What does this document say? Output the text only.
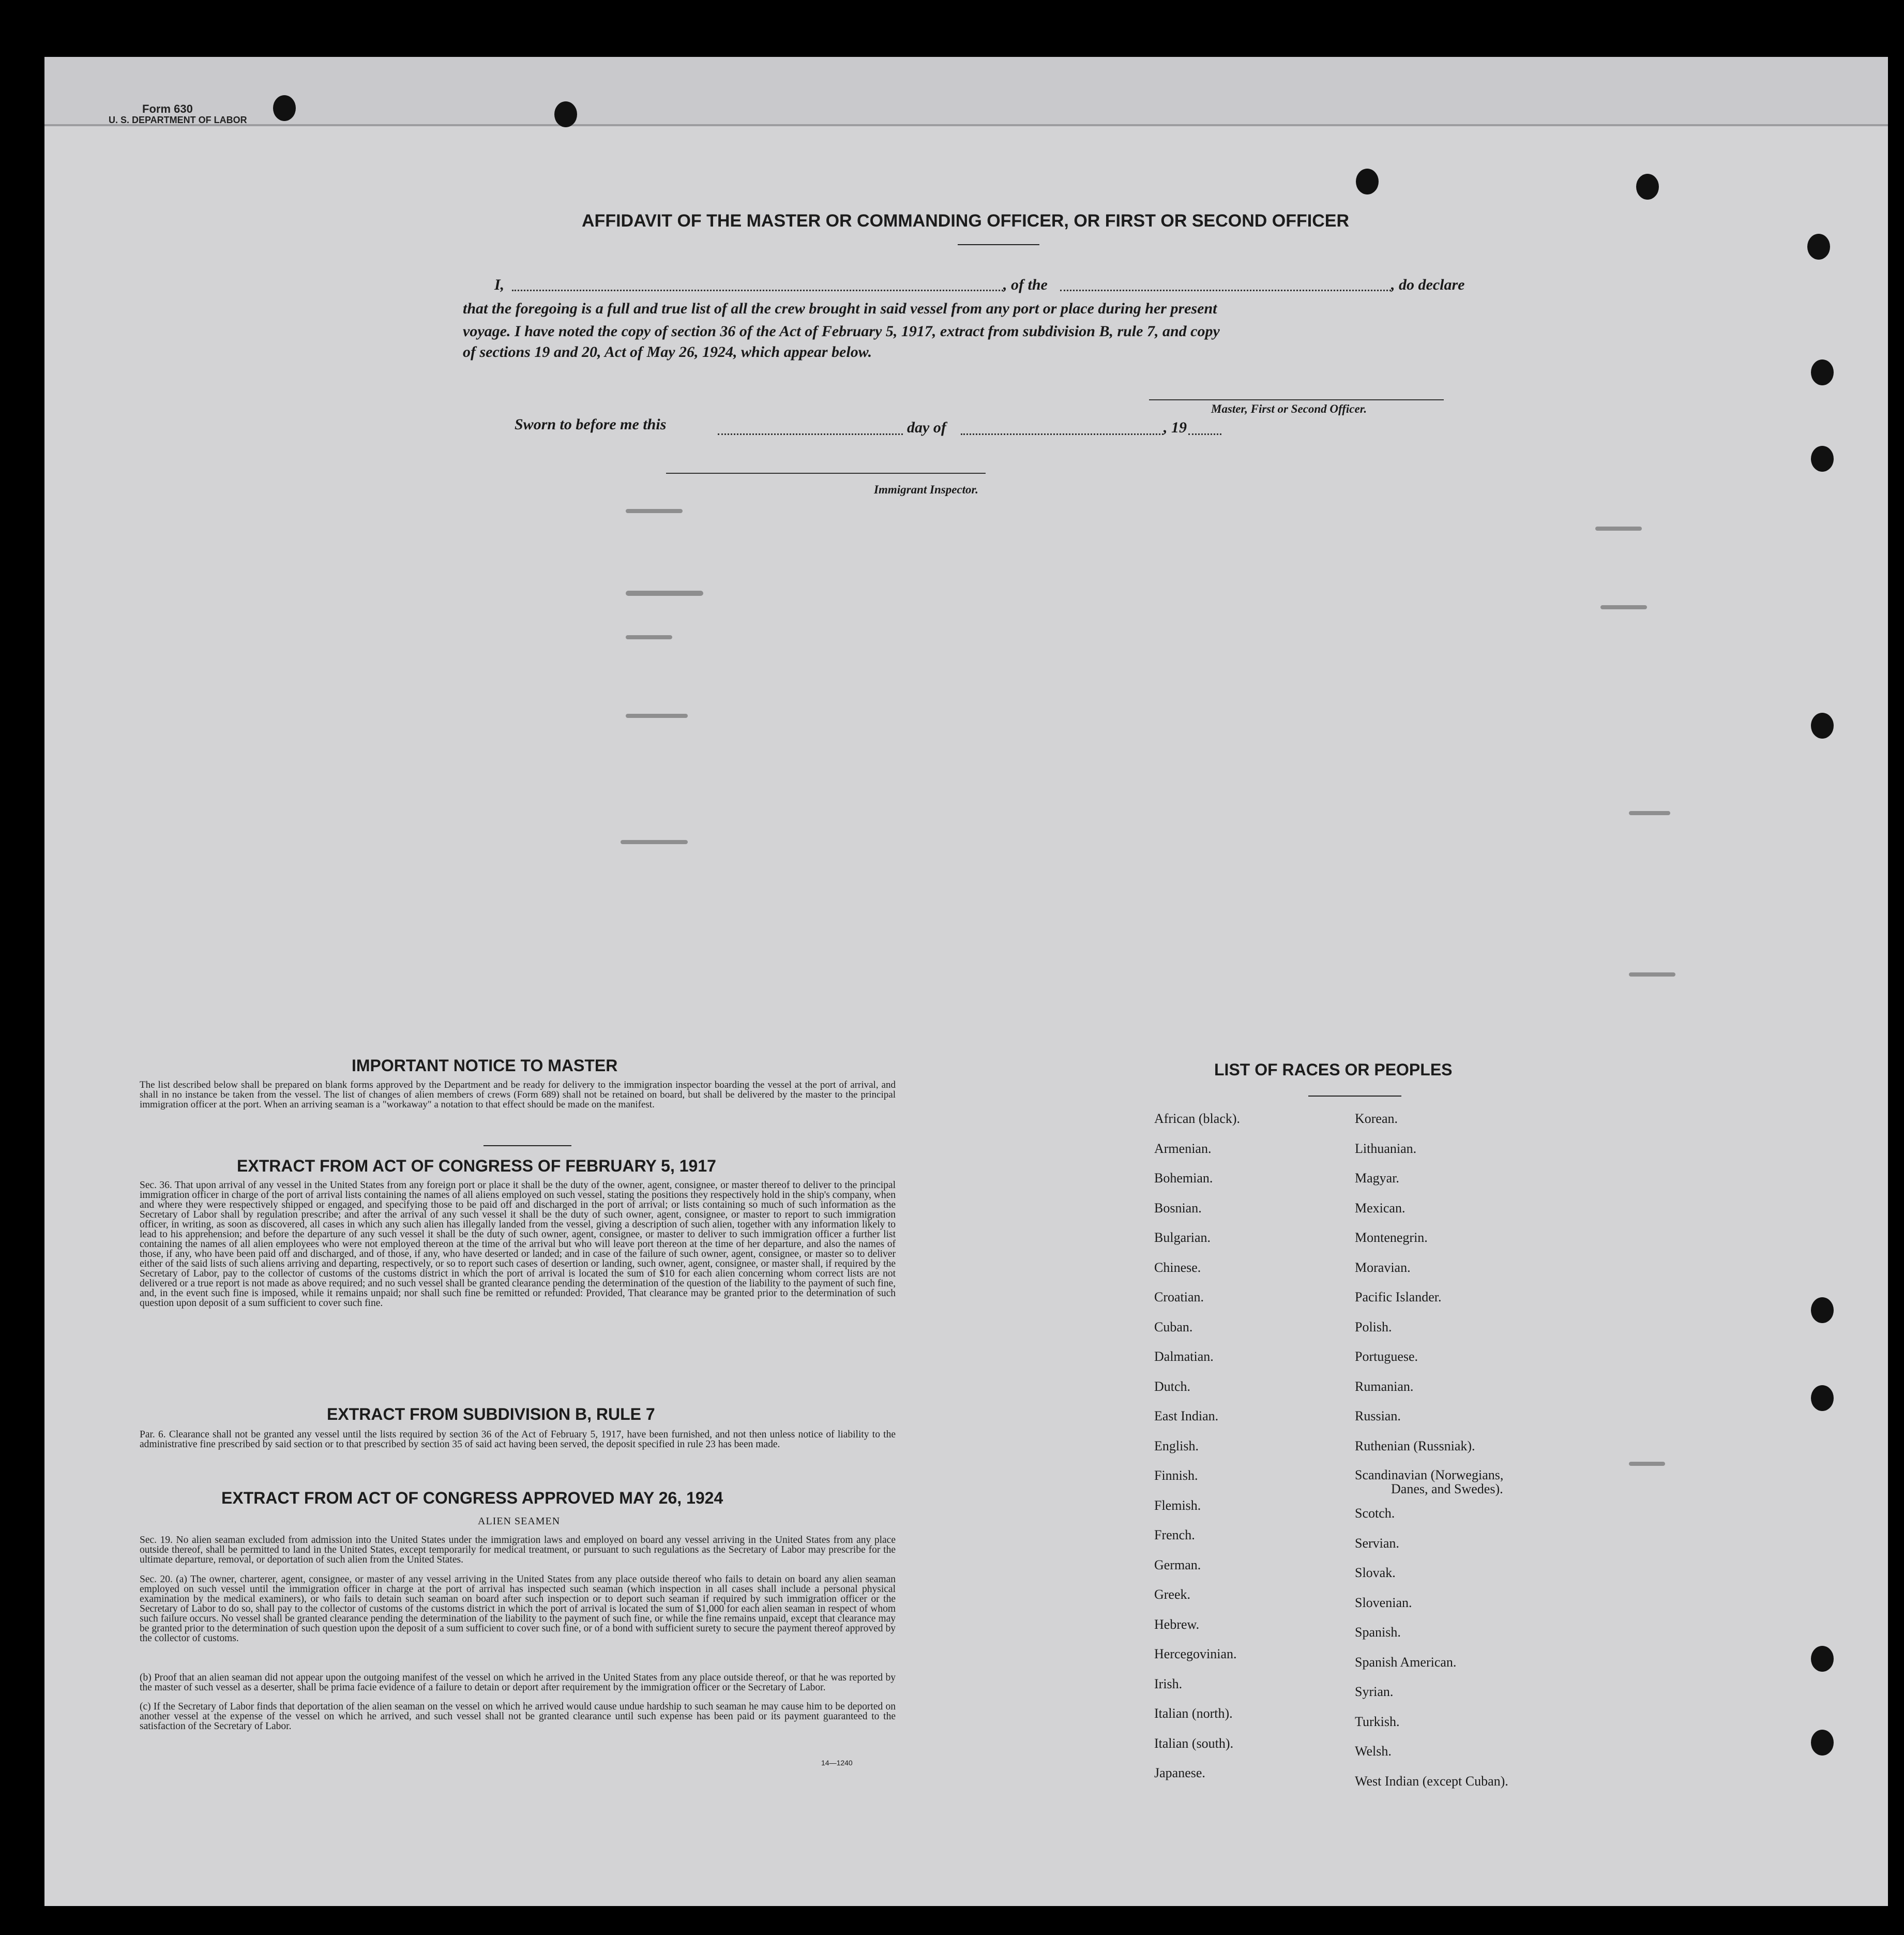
Form 630
U. S. DEPARTMENT OF LABOR
AFFIDAVIT OF THE MASTER OR COMMANDING OFFICER, OR FIRST OR SECOND OFFICER
I,	, of the	, do declare
that the foregoing is a full and true list of all the crew brought in said vessel from any port or place during her present
voyage. I have noted the copy of section 36 of the Act of February 5, 1917, extract from subdivision B, rule 7, and copy
of sections 19 and 20, Act of May 26, 1924, which appear below.
Master, First or Second Officer.
Sworn to before me this	day of	, 19
Immigrant Inspector.
IMPORTANT NOTICE TO MASTER
The list described below shall be prepared on blank forms approved by the Department and be ready for delivery to the immigration inspector boarding the vessel at the port of arrival, and shall in no instance be taken from the vessel. The list of changes of alien members of crews (Form 689) shall not be retained on board, but shall be delivered by the master to the principal immigration officer at the port. When an arriving seaman is a "workaway" a notation to that effect should be made on the manifest.
EXTRACT FROM ACT OF CONGRESS OF FEBRUARY 5, 1917
Sec. 36. That upon arrival of any vessel in the United States from any foreign port or place it shall be the duty of the owner, agent, consignee, or master thereof to deliver to the principal immigration officer in charge of the port of arrival lists containing the names of all aliens employed on such vessel, stating the positions they respectively hold in the ship's company, when and where they were respectively shipped or engaged, and specifying those to be paid off and discharged in the port of arrival; or lists containing so much of such information as the Secretary of Labor shall by regulation prescribe; and after the arrival of any such vessel it shall be the duty of such owner, agent, consignee, or master to report to such immigration officer, in writing, as soon as discovered, all cases in which any such alien has illegally landed from the vessel, giving a description of such alien, together with any information likely to lead to his apprehension; and before the departure of any such vessel it shall be the duty of such owner, agent, consignee, or master to deliver to such immigration officer a further list containing the names of all alien employees who were not employed thereon at the time of the arrival but who will leave port thereon at the time of her departure, and also the names of those, if any, who have been paid off and discharged, and of those, if any, who have deserted or landed; and in case of the failure of such owner, agent, consignee, or master so to deliver either of the said lists of such aliens arriving and departing, respectively, or so to report such cases of desertion or landing, such owner, agent, consignee, or master shall, if required by the Secretary of Labor, pay to the collector of customs of the customs district in which the port of arrival is located the sum of $10 for each alien concerning whom correct lists are not delivered or a true report is not made as above required; and no such vessel shall be granted clearance pending the determination of the question of the liability to the payment of such fine, and, in the event such fine is imposed, while it remains unpaid; nor shall such fine be remitted or refunded: Provided, That clearance may be granted prior to the determination of such question upon deposit of a sum sufficient to cover such fine.
EXTRACT FROM SUBDIVISION B, RULE 7
Par. 6. Clearance shall not be granted any vessel until the lists required by section 36 of the Act of February 5, 1917, have been furnished, and not then unless notice of liability to the administrative fine prescribed by said section or to that prescribed by section 35 of said act having been served, the deposit specified in rule 23 has been made.
EXTRACT FROM ACT OF CONGRESS APPROVED MAY 26, 1924
ALIEN SEAMEN
Sec. 19. No alien seaman excluded from admission into the United States under the immigration laws and employed on board any vessel arriving in the United States from any place outside thereof, shall be permitted to land in the United States, except temporarily for medical treatment, or pursuant to such regulations as the Secretary of Labor may prescribe for the ultimate departure, removal, or deportation of such alien from the United States.
Sec. 20. (a) The owner, charterer, agent, consignee, or master of any vessel arriving in the United States from any place outside thereof who fails to detain on board any alien seaman employed on such vessel until the immigration officer in charge at the port of arrival has inspected such seaman (which inspection in all cases shall include a personal physical examination by the medical examiners), or who fails to detain such seaman on board after such inspection or to deport such seaman if required by such immigration officer or the Secretary of Labor to do so, shall pay to the collector of customs of the customs district in which the port of arrival is located the sum of $1,000 for each alien seaman in respect of whom such failure occurs. No vessel shall be granted clearance pending the determination of the liability to the payment of such fine, or while the fine remains unpaid, except that clearance may be granted prior to the determination of such question upon the deposit of a sum sufficient to cover such fine, or of a bond with sufficient surety to secure the payment thereof approved by the collector of customs.
(b) Proof that an alien seaman did not appear upon the outgoing manifest of the vessel on which he arrived in the United States from any place outside thereof, or that he was reported by the master of such vessel as a deserter, shall be prima facie evidence of a failure to detain or deport after requirement by the immigration officer or the Secretary of Labor.
(c) If the Secretary of Labor finds that deportation of the alien seaman on the vessel on which he arrived would cause undue hardship to such seaman he may cause him to be deported on another vessel at the expense of the vessel on which he arrived, and such vessel shall not be granted clearance until such expense has been paid or its payment guaranteed to the satisfaction of the Secretary of Labor.
14—1240
LIST OF RACES OR PEOPLES
African (black).
Armenian.
Bohemian.
Bosnian.
Bulgarian.
Chinese.
Croatian.
Cuban.
Dalmatian.
Dutch.
East Indian.
English.
Finnish.
Flemish.
French.
German.
Greek.
Hebrew.
Hercegovinian.
Irish.
Italian (north).
Italian (south).
Japanese.
Korean.
Lithuanian.
Magyar.
Mexican.
Montenegrin.
Moravian.
Pacific Islander.
Polish.
Portuguese.
Rumanian.
Russian.
Ruthenian (Russniak).
Scandinavian (Norwegians,
Danes, and Swedes).
Scotch.
Servian.
Slovak.
Slovenian.
Spanish.
Spanish American.
Syrian.
Turkish.
Welsh.
West Indian (except Cuban).
